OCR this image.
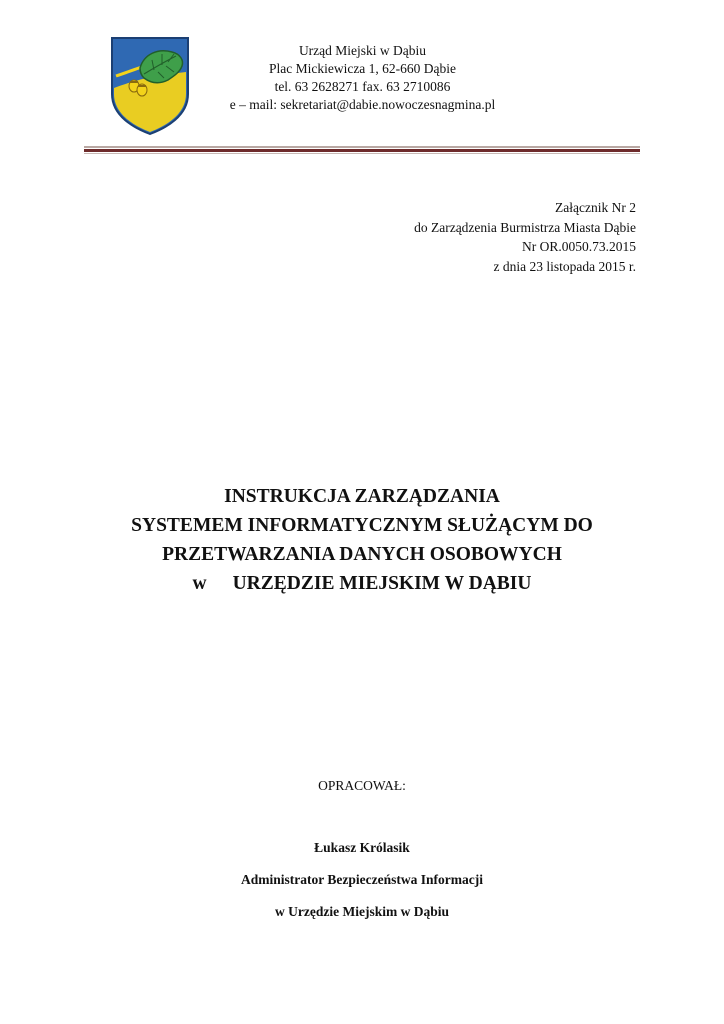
Urząd Miejski w Dąbiu
Plac Mickiewicza 1, 62-660 Dąbie
tel. 63 2628271 fax. 63 2710086
e – mail: sekretariat@dabie.nowoczesnagmina.pl
Załącznik Nr 2
do Zarządzenia Burmistrza Miasta Dąbie
Nr OR.0050.73.2015
z dnia 23 listopada 2015 r.
INSTRUKCJA ZARZĄDZANIA
SYSTEMEM INFORMATYCZNYM SŁUŻĄCYM DO
PRZETWARZANIA DANYCH OSOBOWYCH
w URZĘDZIE MIEJSKIM W DĄBIU
OPRACOWAŁ:
Łukasz Królasik
Administrator Bezpieczeństwa Informacji
w Urzędzie Miejskim w Dąbiu
